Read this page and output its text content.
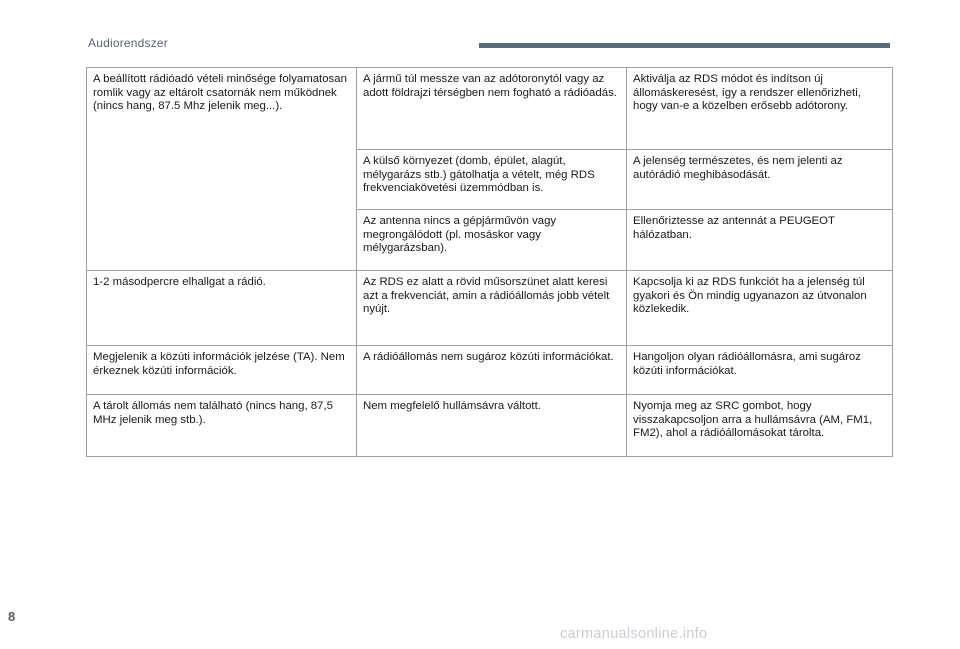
Audiorendszer
A beállított rádióadó vételi minősége folyamatosan romlik vagy az eltárolt csatornák nem működnek (nincs hang, 87.5 Mhz jelenik meg...).	A jármű túl messze van az adótoronytól vagy az adott földrajzi térségben nem fogható a rádióadás.	Aktiválja az RDS módot és indítson új állomáskeresést, így a rendszer ellenőrizheti, hogy van-e a közelben erősebb adótorony.
	A külső környezet (domb, épület, alagút, mélygarázs stb.) gátolhatja a vételt, még RDS frekvenciakövetési üzemmódban is.	A jelenség természetes, és nem jelenti az autórádió meghibásodását.
	Az antenna nincs a gépjárművön vagy megrongálódott (pl. mosáskor vagy mélygarázsban).	Ellenőriztesse az antennát a PEUGEOT hálózatban.
1-2 másodpercre elhallgat a rádió.	Az RDS ez alatt a rövid műsorszünet alatt keresi azt a frekvenciát, amin a rádióállomás jobb vételt nyújt.	Kapcsolja ki az RDS funkciót ha a jelenség túl gyakori és Ön mindig ugyanazon az útvonalon közlekedik.
Megjelenik a közúti információk jelzése (TA). Nem érkeznek közúti információk.	A rádióállomás nem sugároz közúti információkat.	Hangoljon olyan rádióállomásra, ami sugároz közúti információkat.
A tárolt állomás nem található (nincs hang, 87,5 MHz jelenik meg stb.).	Nem megfelelő hullámsávra váltott.	Nyomja meg az SRC gombot, hogy visszakapcsoljon arra a hullámsávra (AM, FM1, FM2), ahol a rádióállomásokat tárolta.
8
carmanualsonline.info
